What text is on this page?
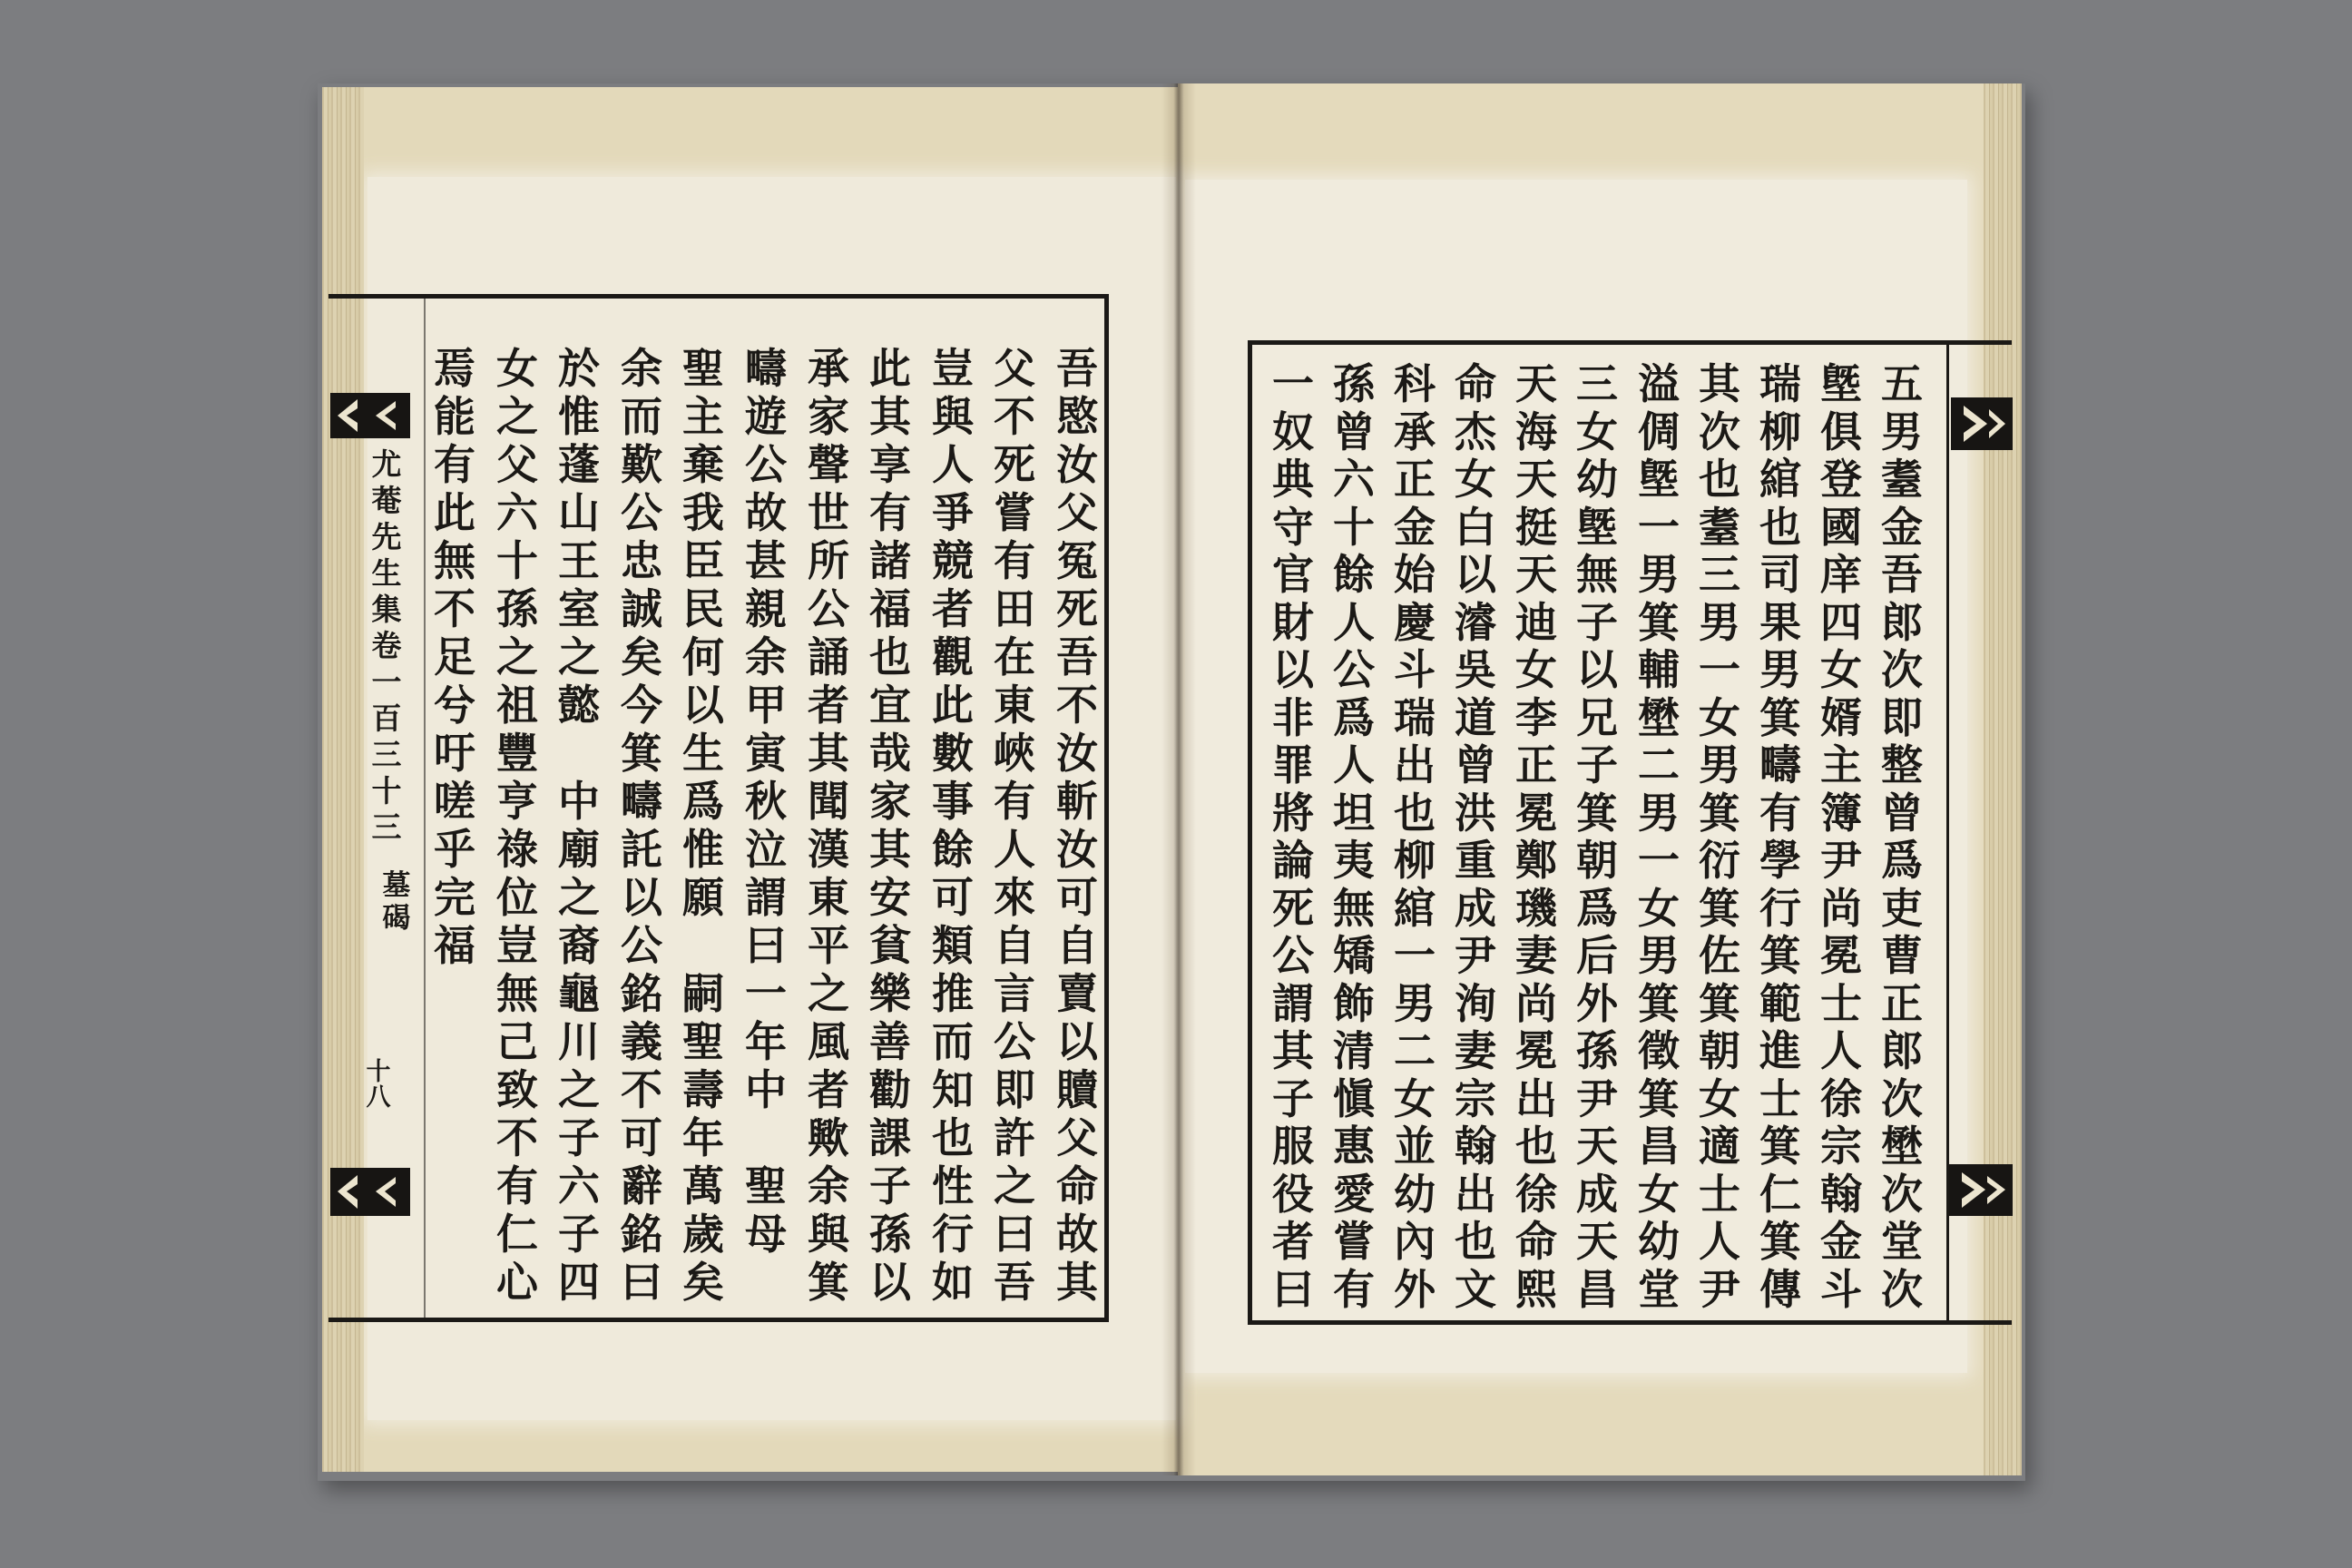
尤
菴
先
生
集
卷
一
百
三
十
三
墓
碣
十
八
吾
愍
汝
父
冤
死
吾
不
汝
斬
汝
可
自
賣
以
贖
父
命
故
其
父
不
死
嘗
有
田
在
東
峽
有
人
來
自
言
公
即
許
之
曰
吾
豈
與
人
爭
競
者
觀
此
數
事
餘
可
類
推
而
知
也
性
行
如
此
其
享
有
諸
福
也
宜
哉
家
其
安
貧
樂
善
勸
課
子
孫
以
承
家
聲
世
所
公
誦
者
其
聞
漢
東
平
之
風
者
歟
余
與
箕
疇
遊
公
故
甚
親
余
甲
寅
秋
泣
謂
曰
一
年
中

聖
母
聖
主
棄
我
臣
民
何
以
生
爲
惟
願

嗣
聖
壽
年
萬
歲
矣
余
而
歎
公
忠
誠
矣
今
箕
疇
託
以
公
銘
義
不
可
辭
銘
曰
於
惟
蓬
山
王
室
之
懿

中
廟
之
裔
龜
川
之
子
六
子
四
女
之
父
六
十
孫
之
祖
豐
亨
祿
位
豈
無
己
致
不
有
仁
心
焉
能
有
此
無
不
足
兮
吁
嗟
乎
完
福
五
男
耋
金
吾
郎
次
即
整
曾
爲
吏
曹
正
郎
次
壄
次
堂
次
墍
俱
登
國
庠
四
女
婿
主
簿
尹
尚
冕
士
人
徐
宗
翰
金
斗
瑞
柳
綰
也
司
果
男
箕
疇
有
學
行
箕
範
進
士
箕
仁
箕
傳
其
次
也
耋
三
男
一
女
男
箕
衍
箕
佐
箕
朝
女
適
士
人
尹
溢
倜
墍
一
男
箕
輔
壄
二
男
一
女
男
箕
徵
箕
昌
女
幼
堂
三
女
幼
墍
無
子
以
兄
子
箕
朝
爲
后
外
孫
尹
天
成
天
昌
天
海
天
挺
天
迪
女
李
正
冕
鄭
璣
妻
尚
冕
出
也
徐
命
熙
命
杰
女
白
以
濬
吳
道
曾
洪
重
成
尹
洵
妻
宗
翰
出
也
文
科
承
正
金
始
慶
斗
瑞
出
也
柳
綰
一
男
二
女
並
幼
內
外
孫
曾
六
十
餘
人
公
爲
人
坦
夷
無
矯
飾
清
愼
惠
愛
嘗
有
一
奴
典
守
官
財
以
非
罪
將
論
死
公
謂
其
子
服
役
者
曰
